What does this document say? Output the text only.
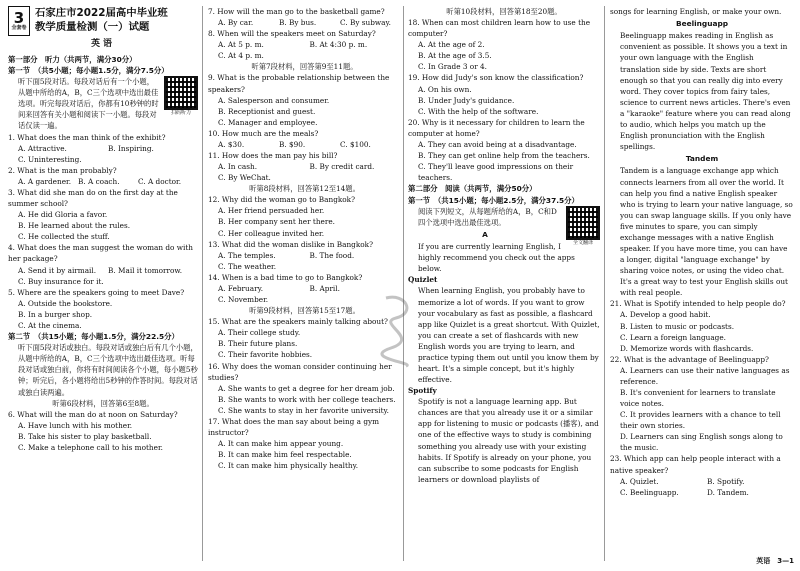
3
全套卷
石家庄市2022届高中毕业班
教学质量检测（一）试题
英语
第一部分　听力（共两节，满分30分）
第一节　（共5小题；每小题1.5分，满分7.5分）
扫码听力

听下面5段对话。每段对话后有一个小题，从题中所给的A，B，C三个选项中选出最佳选项。听完每段对话后，你都有10秒钟的时间来回答有关小题和阅读下一小题。每段对话仅读一遍。

1. What does the man think of the exhibit?
A. Attractive.	B. Inspiring.
C. Uninteresting.
2. What is the man probably?
A. A gardener. B. A coach.	C. A doctor.
3. What did she man do on the first day at the summer school?
A. He did Gloria a favor.
B. He learned about the rules.
C. He collected the stuff.
4. What does the man suggest the woman do with her package?
A. Send it by airmail.	B. Mail it tomorrow.
C. Buy insurance for it.
5. Where are the speakers going to meet Dave?
A. Outside the bookstore.
B. In a burger shop.
C. At the cinema.
第二节　（共15小题；每小题1.5分，满分22.5分）

听下面5段对话或独白。每段对话或独白后有几个小题，从题中所给的A，B，C三个选项中选出最佳选项。听每段对话或独白前，你将有时间阅读各个小题，每小题5秒钟；听完后，各小题将给出5秒钟的作答时间。每段对话或独白读两遍。

听第6段材料，回答第6至8题。
6. What will the man do at noon on Saturday?
A. Have lunch with his mother.
B. Take his sister to play basketball.
C. Make a telephone call to his mother.
7. How will the man go to the basketball game?
A. By car.	B. By bus.	C. By subway.
8. When will the speakers meet on Saturday?
A. At 5 p. m.	B. At 4:30 p. m.
C. At 4 p. m.
听第7段材料，回答第9至11题。
9. What is the probable relationship between the speakers?
A. Salesperson and consumer.
B. Receptionist and guest.
C. Manager and employee.
10. How much are the meals?
A. $30.	B. $90.	C. $100.
11. How does the man pay his bill?
A. In cash.	B. By credit card.
C. By WeChat.
听第8段材料，回答第12至14题。
12. Why did the woman go to Bangkok?
A. Her friend persuaded her.
B. Her company sent her there.
C. Her colleague invited her.
13. What did the woman dislike in Bangkok?
A. The temples.	B. The food.
C. The weather.
14. When is a bad time to go to Bangkok?
A. February.	B. April.
C. November.
听第9段材料，回答第15至17题。
15. What are the speakers mainly talking about?
A. Their college study.
B. Their future plans.
C. Their favorite hobbies.
16. Why does the woman consider continuing her studies?
A. She wants to get a degree for her dream job.
B. She wants to work with her college teachers.
C. She wants to stay in her favorite university.
17. What does the man say about being a gym instructor?
A. It can make him appear young.
B. It can make him feel respectable.
C. It can make him physically healthy.
听第10段材料，回答第18至20题。
18. When can most children learn how to use the computer?
A. At the age of 2.
B. At the age of 3.5.
C. In Grade 3 or 4.
19. How did Judy's son know the classification?
A. On his own.
B. Under Judy's guidance.
C. With the help of the software.
20. Why is it necessary for children to learn the computer at home?
A. They can avoid being at a disadvantage.
B. They can get online help from the teachers.
C. They'll leave good impressions on their teachers.
第二部分　阅读（共两节，满分50分）
第一节　（共15小题；每小题2.5分，满分37.5分）
全文翻译

阅读下列短文，从每题所给的A，B，C和D四个选项中选出最佳选项。

A

If you are currently learning English, I highly recommend you check out the apps below.

Quizlet

When learning English, you probably have to memorize a lot of words. If you want to grow your vocabulary as fast as possible, a flashcard app like Quizlet is a great shortcut. With Quizlet, you can create a set of flashcards with new English words you are trying to learn, and practice typing them out until you know them by heart. It's a simple concept, but it's highly effective.

Spotify

Spotify is not a language learning app. But chances are that you already use it or a similar app for listening to music or podcasts (播客), and one of the effective ways to study is combining something you already use with your existing habits. If Spotify is already on your phone, you can subscribe to some podcasts for English learners or download playlists of

songs for learning English, or make your own.

Beelinguapp

Beelinguapp makes reading in English as convenient as possible. It shows you a text in your own language with the English translation side by side. Texts are short enough so that you can really dig into every word. They cover topics from fairy tales, science to current news articles. There's even a "karaoke" feature where you can read along to audio, which helps you match up the English pronunciation with the English spellings.

Tandem

Tandem is a language exchange app which connects learners from all over the world. It can help you find a native English speaker who is trying to learn your native language, so you can swap language skills. If you only have five minutes to spare, you can simply exchange messages with a native English speaker. If you have more time, you can have a longer, digital "language exchange" by sharing voice notes, or using the video chat. It's a great way to test your English skills out with real people.

21. What is Spotify intended to help people do?
A. Develop a good habit.
B. Listen to music or podcasts.
C. Learn a foreign language.
D. Memorize words with flashcards.
22. What is the advantage of Beelinguapp?
A. Learners can use their native languages as reference.
B. It's convenient for learners to translate voice notes.
C. It provides learners with a chance to tell their own stories.
D. Learners can sing English songs along to the music.
23. Which app can help people interact with a native speaker?
A. Quizlet.	B. Spotify.
C. Beelinguapp.	D. Tandem.
英语　3—1
